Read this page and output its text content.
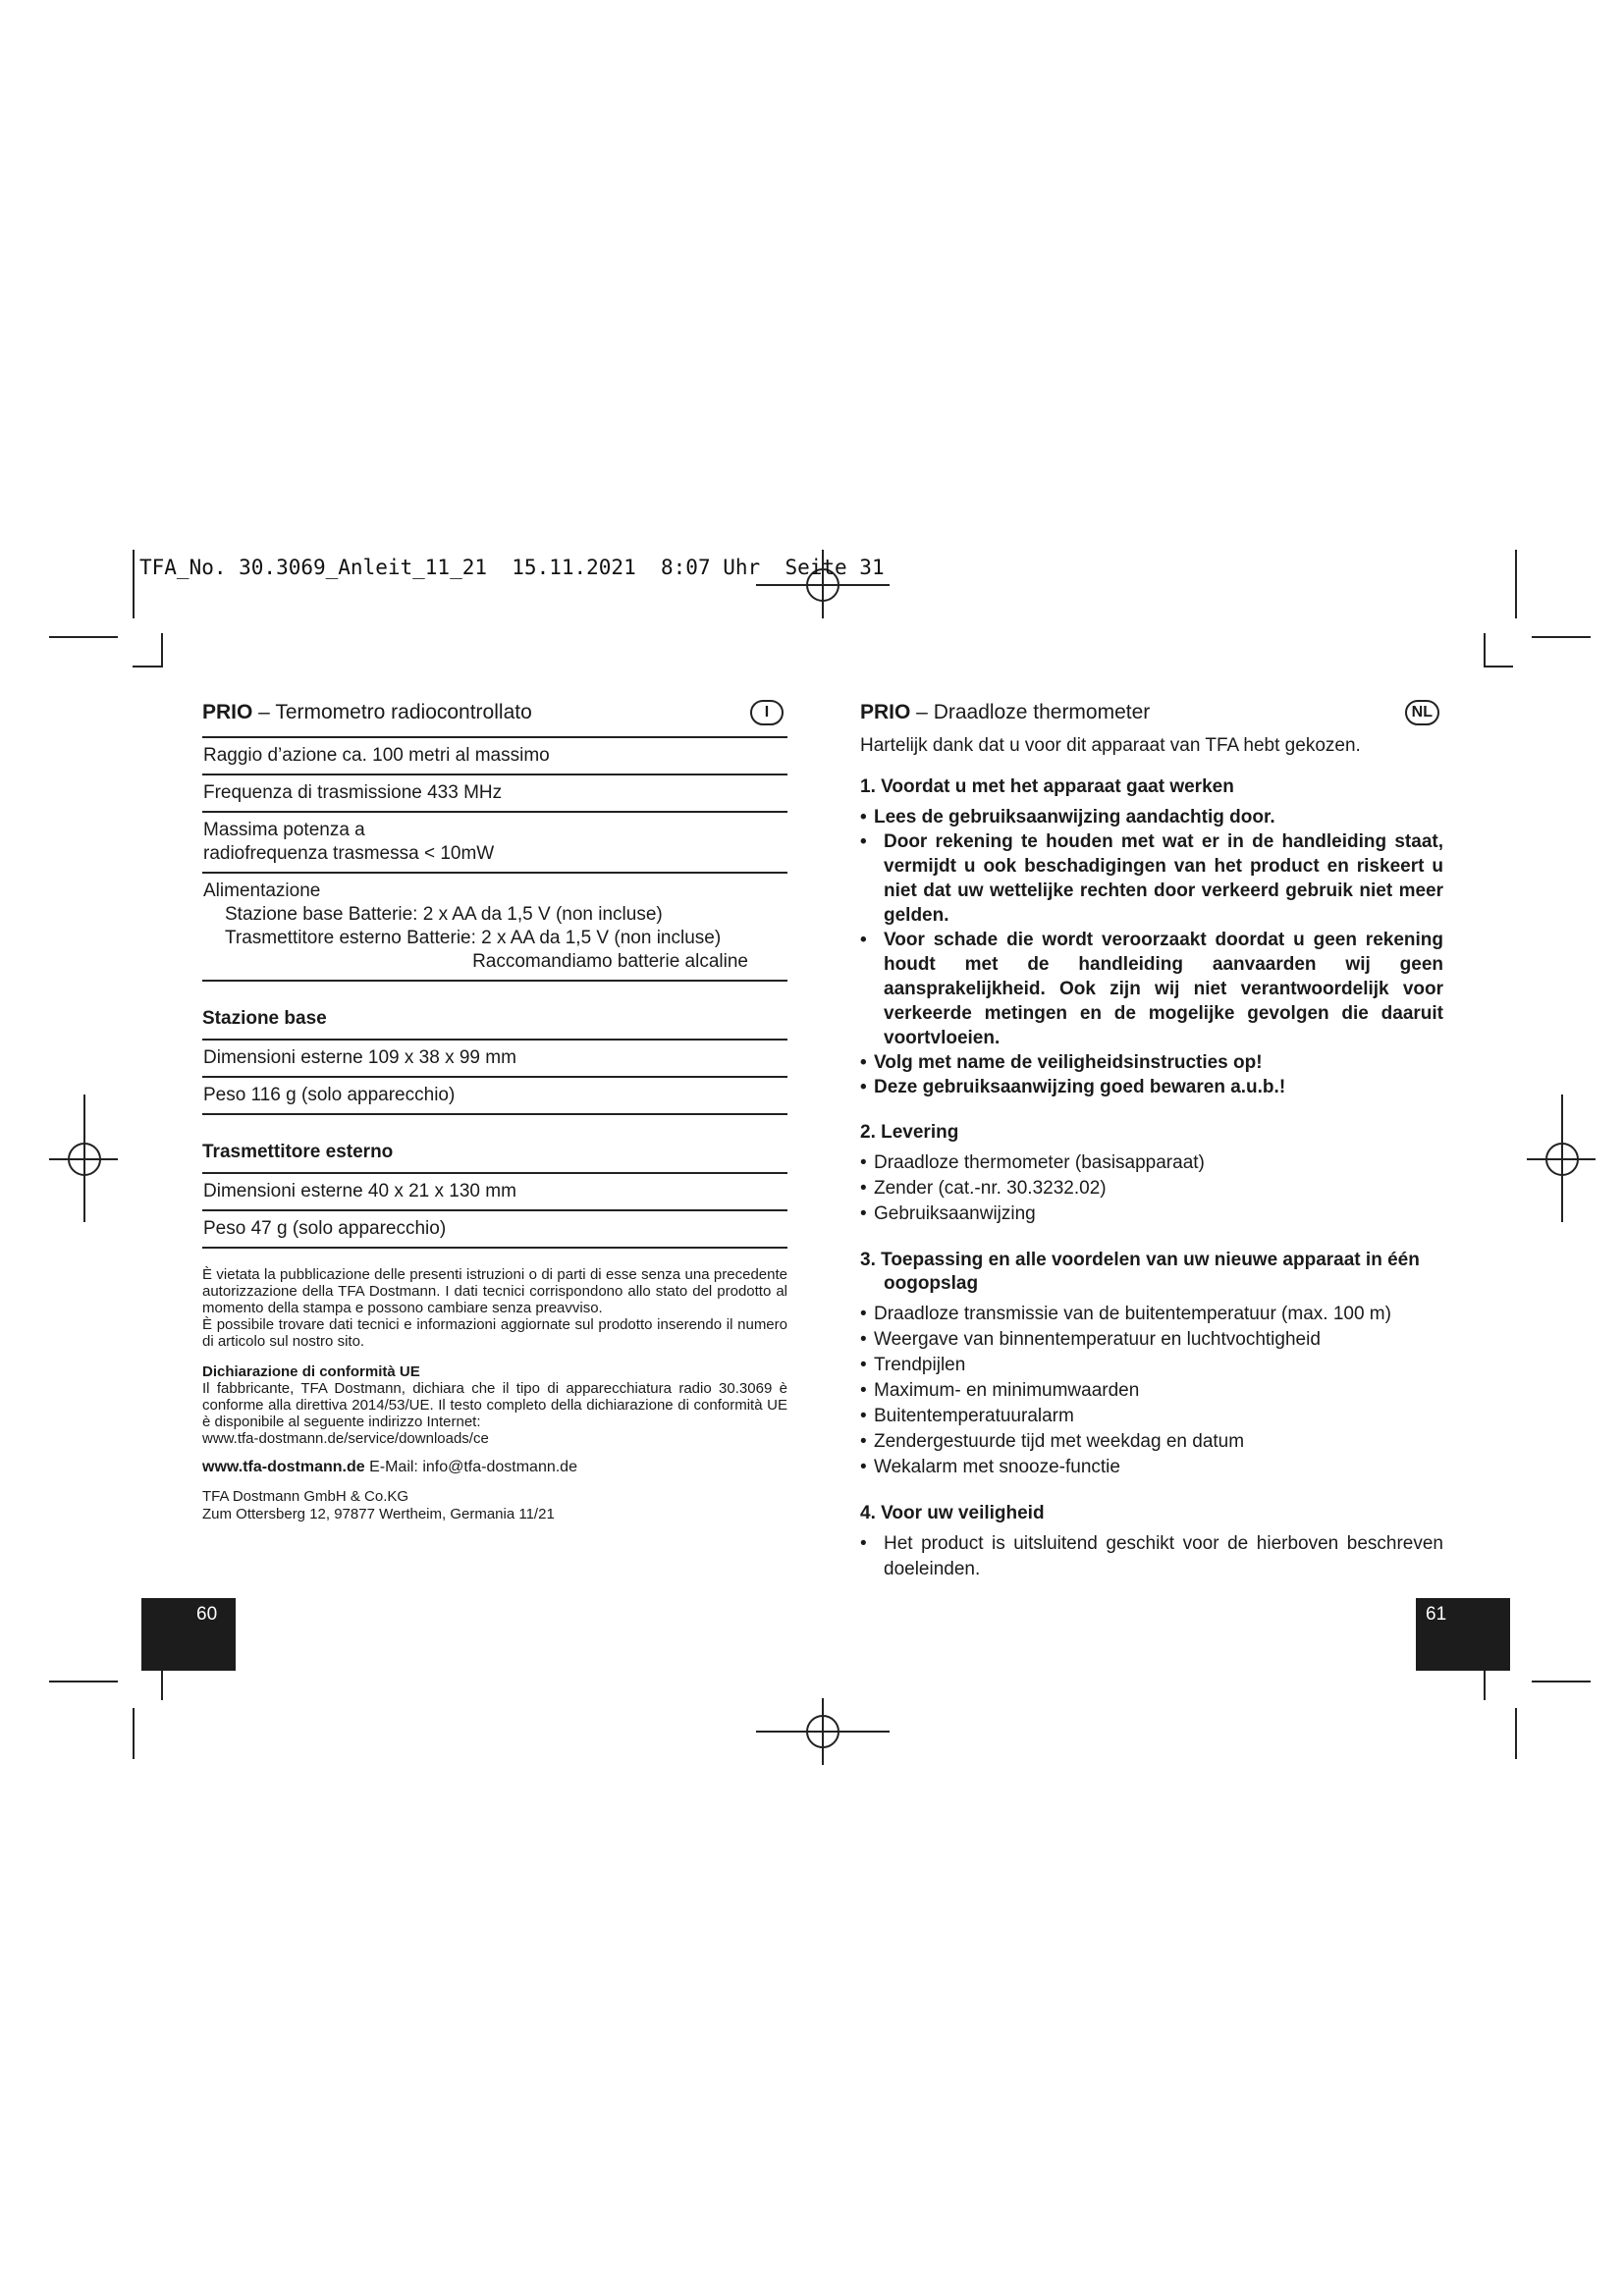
TFA_No. 30.3069_Anleit_11_21  15.11.2021  8:07 Uhr  Seite 31
PRIO – Termometro radiocontrollato	I
Raggio d’azione ca. 100 metri al massimo
Frequenza di trasmissione 433 MHz
Massima potenza a
radiofrequenza trasmessa < 10mW
Alimentazione
Stazione base Batterie: 2 x AA da 1,5 V (non incluse)
Trasmettitore esterno Batterie: 2 x AA da 1,5 V (non incluse)
Raccomandiamo batterie alcaline
Stazione base
Dimensioni esterne 109 x 38 x 99 mm
Peso 116 g (solo apparecchio)
Trasmettitore esterno
Dimensioni esterne 40 x 21 x 130 mm
Peso 47 g (solo apparecchio)
È vietata la pubblicazione delle presenti istruzioni o di parti di esse senza una precedente autorizzazione della TFA Dostmann. I dati tecnici corrispondono allo stato del prodotto al momento della stampa e possono cambiare senza preavviso.
È possibile trovare dati tecnici e informazioni aggiornate sul prodotto inserendo il numero di articolo sul nostro sito.
Dichiarazione di conformità UE
Il fabbricante, TFA Dostmann, dichiara che il tipo di apparecchiatura radio 30.3069 è conforme alla direttiva 2014/53/UE. Il testo completo della dichiarazione di conformità UE è disponibile al seguente indirizzo Internet:
www.tfa-dostmann.de/service/downloads/ce
www.tfa-dostmann.de E-Mail: info@tfa-dostmann.de
TFA Dostmann GmbH & Co.KG
Zum Ottersberg 12, 97877 Wertheim, Germania 11/21
PRIO – Draadloze thermometer	NL
Hartelijk dank dat u voor dit apparaat van TFA hebt gekozen.
1. Voordat u met het apparaat gaat werken
• Lees de gebruiksaanwijzing aandachtig door.
• Door rekening te houden met wat er in de handleiding staat, vermijdt u ook beschadigingen van het product en riskeert u niet dat uw wettelijke rechten door verkeerd gebruik niet meer gelden.
• Voor schade die wordt veroorzaakt doordat u geen rekening houdt met de handleiding aanvaarden wij geen aansprakelijkheid. Ook zijn wij niet verantwoordelijk voor verkeerde metingen en de mogelijke gevolgen die daaruit voortvloeien.
• Volg met name de veiligheidsinstructies op!
• Deze gebruiksaanwijzing goed bewaren a.u.b.!
2. Levering
• Draadloze thermometer (basisapparaat)
• Zender (cat.-nr. 30.3232.02)
• Gebruiksaanwijzing
3. Toepassing en alle voordelen van uw nieuwe apparaat in één
oogopslag
• Draadloze transmissie van de buitentemperatuur (max. 100 m)
• Weergave van binnentemperatuur en luchtvochtigheid
• Trendpijlen
• Maximum- en minimumwaarden
• Buitentemperatuuralarm
• Zendergestuurde tijd met weekdag en datum
• Wekalarm met snooze-functie
4. Voor uw veiligheid
• Het product is uitsluitend geschikt voor de hierboven beschreven doeleinden.
60	61
